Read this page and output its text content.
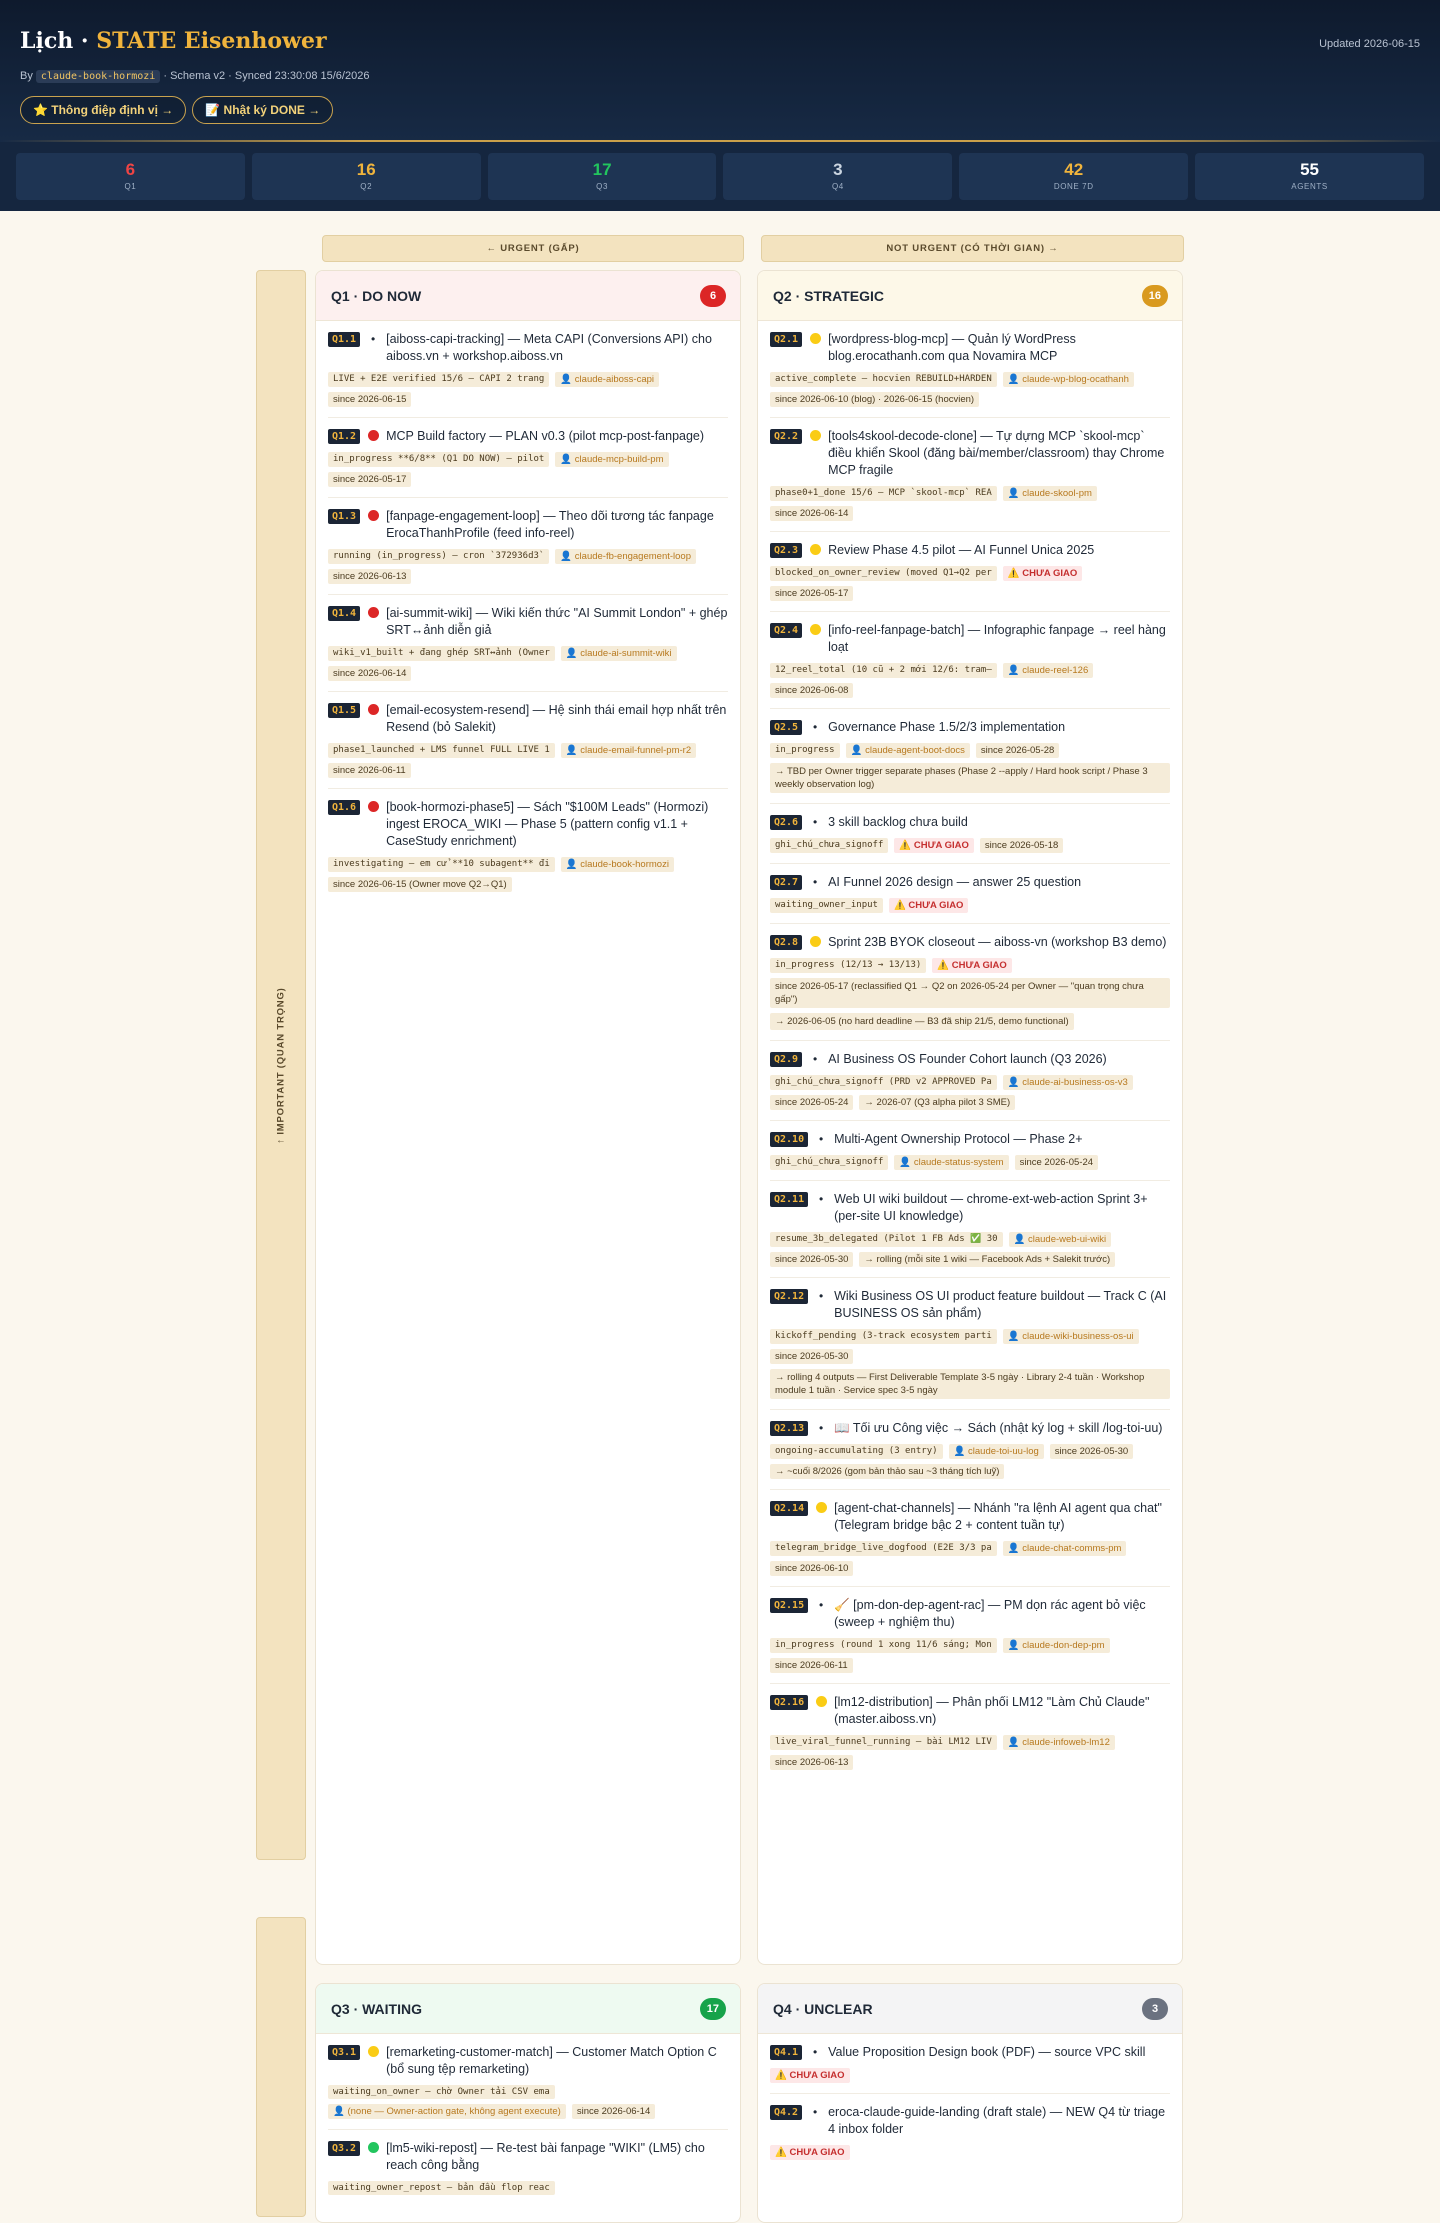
Lịch · STATE Eisenhower
By claude-book-hormozi · Schema v2 · Synced 23:30:08 15/6/2026
⭐ Thông điệp định vị →	📝 Nhật ký DONE →
Updated 2026-06-15
6
Q1
16
Q2
17
Q3
3
Q4
42
DONE 7D
55
AGENTS
← URGENT (GẤP)	NOT URGENT (CÓ THỜI GIAN) →
↑ IMPORTANT (QUAN TRỌNG)
Q1 · DO NOW	6
Q1.1	• [aiboss-capi-tracking] — Meta CAPI (Conversions API) cho aiboss.vn + workshop.aiboss.vn
LIVE + E2E verified 15/6 — CAPI 2 trang	👤 claude-aiboss-capi
since 2026-06-15
Q1.2	MCP Build factory — PLAN v0.3 (pilot mcp-post-fanpage)
in_progress **6/8** (Q1 DO NOW) — pilot	👤 claude-mcp-build-pm
since 2026-05-17
Q1.3	[fanpage-engagement-loop] — Theo dõi tương tác fanpage ErocaThanhProfile (feed info-reel)
running (in_progress) — cron `372936d3`	👤 claude-fb-engagement-loop
since 2026-06-13
Q1.4	[ai-summit-wiki] — Wiki kiến thức "AI Summit London" + ghép SRT↔ảnh diễn giả
wiki_v1_built + đang ghép SRT↔ảnh (Owner	👤 claude-ai-summit-wiki
since 2026-06-14
Q1.5	[email-ecosystem-resend] — Hệ sinh thái email hợp nhất trên Resend (bỏ Salekit)
phase1_launched + LMS funnel FULL LIVE 1	👤 claude-email-funnel-pm-r2
since 2026-06-11
Q1.6	[book-hormozi-phase5] — Sách "$100M Leads" (Hormozi) ingest EROCA_WIKI — Phase 5 (pattern config v1.1 + CaseStudy enrichment)
investigating — em cử **10 subagent** đi	👤 claude-book-hormozi
since 2026-06-15 (Owner move Q2→Q1)
Q2 · STRATEGIC	16
Q2.1	[wordpress-blog-mcp] — Quản lý WordPress blog.erocathanh.com qua Novamira MCP
active_complete — hocvien REBUILD+HARDEN	👤 claude-wp-blog-ocathanh
since 2026-06-10 (blog) · 2026-06-15 (hocvien)
Q2.2	[tools4skool-decode-clone] — Tự dựng MCP `skool-mcp` điều khiển Skool (đăng bài/member/classroom) thay Chrome MCP fragile
phase0+1_done 15/6 — MCP `skool-mcp` REA	👤 claude-skool-pm
since 2026-06-14
Q2.3	Review Phase 4.5 pilot — AI Funnel Unica 2025
blocked_on_owner_review (moved Q1→Q2 per	⚠️ CHƯA GIAO
since 2026-05-17
Q2.4	[info-reel-fanpage-batch] — Infographic fanpage → reel hàng loạt
12_reel_total (10 cũ + 2 mới 12/6: tram—	👤 claude-reel-126
since 2026-06-08
Q2.5	• Governance Phase 1.5/2/3 implementation
in_progress	👤 claude-agent-boot-docs	since 2026-05-28
→ TBD per Owner trigger separate phases (Phase 2 --apply / Hard hook script / Phase 3 weekly observation log)
Q2.6	• 3 skill backlog chưa build
ghi_chú_chưa_signoff	⚠️ CHƯA GIAO	since 2026-05-18
Q2.7	• AI Funnel 2026 design — answer 25 question
waiting_owner_input	⚠️ CHƯA GIAO
Q2.8	Sprint 23B BYOK closeout — aiboss-vn (workshop B3 demo)
in_progress (12/13 → 13/13)	⚠️ CHƯA GIAO
since 2026-05-17 (reclassified Q1 → Q2 on 2026-05-24 per Owner — "quan trọng chưa gấp")
→ 2026-06-05 (no hard deadline — B3 đã ship 21/5, demo functional)
Q2.9	• AI Business OS Founder Cohort launch (Q3 2026)
ghi_chú_chưa_signoff (PRD v2 APPROVED Pa	👤 claude-ai-business-os-v3
since 2026-05-24	→ 2026-07 (Q3 alpha pilot 3 SME)
Q2.10	• Multi-Agent Ownership Protocol — Phase 2+
ghi_chú_chưa_signoff	👤 claude-status-system	since 2026-05-24
Q2.11	• Web UI wiki buildout — chrome-ext-web-action Sprint 3+ (per-site UI knowledge)
resume_3b_delegated (Pilot 1 FB Ads ✅ 30	👤 claude-web-ui-wiki
since 2026-05-30	→ rolling (mỗi site 1 wiki — Facebook Ads + Salekit trước)
Q2.12	• Wiki Business OS UI product feature buildout — Track C (AI BUSINESS OS sản phẩm)
kickoff_pending (3-track ecosystem parti	👤 claude-wiki-business-os-ui
since 2026-05-30
→ rolling 4 outputs — First Deliverable Template 3-5 ngày · Library 2-4 tuần · Workshop module 1 tuần · Service spec 3-5 ngày
Q2.13	• 📖 Tối ưu Công việc → Sách (nhật ký log + skill /log-toi-uu)
ongoing-accumulating (3 entry)	👤 claude-toi-uu-log	since 2026-05-30
→ ~cuối 8/2026 (gom bản thảo sau ~3 tháng tích luỹ)
Q2.14	[agent-chat-channels] — Nhánh "ra lệnh AI agent qua chat" (Telegram bridge bậc 2 + content tuần tự)
telegram_bridge_live_dogfood (E2E 3/3 pa	👤 claude-chat-comms-pm
since 2026-06-10
Q2.15	• 🧹 [pm-don-dep-agent-rac] — PM dọn rác agent bỏ việc (sweep + nghiệm thu)
in_progress (round 1 xong 11/6 sáng; Mon	👤 claude-don-dep-pm
since 2026-06-11
Q2.16	[lm12-distribution] — Phân phối LM12 "Làm Chủ Claude" (master.aiboss.vn)
live_viral_funnel_running — bài LM12 LIV	👤 claude-infoweb-lm12
since 2026-06-13
Q3 · WAITING	17
Q3.1	[remarketing-customer-match] — Customer Match Option C (bổ sung tệp remarketing)
waiting_on_owner — chờ Owner tải CSV ema
👤 (none — Owner-action gate, không agent execute)	since 2026-06-14
Q3.2	[lm5-wiki-repost] — Re-test bài fanpage "WIKI" (LM5) cho reach công bằng
waiting_owner_repost — bản đầu flop reac
Q4 · UNCLEAR	3
Q4.1	• Value Proposition Design book (PDF) — source VPC skill
⚠️ CHƯA GIAO
Q4.2	• eroca-claude-guide-landing (draft stale) — NEW Q4 từ triage 4 inbox folder
⚠️ CHƯA GIAO
